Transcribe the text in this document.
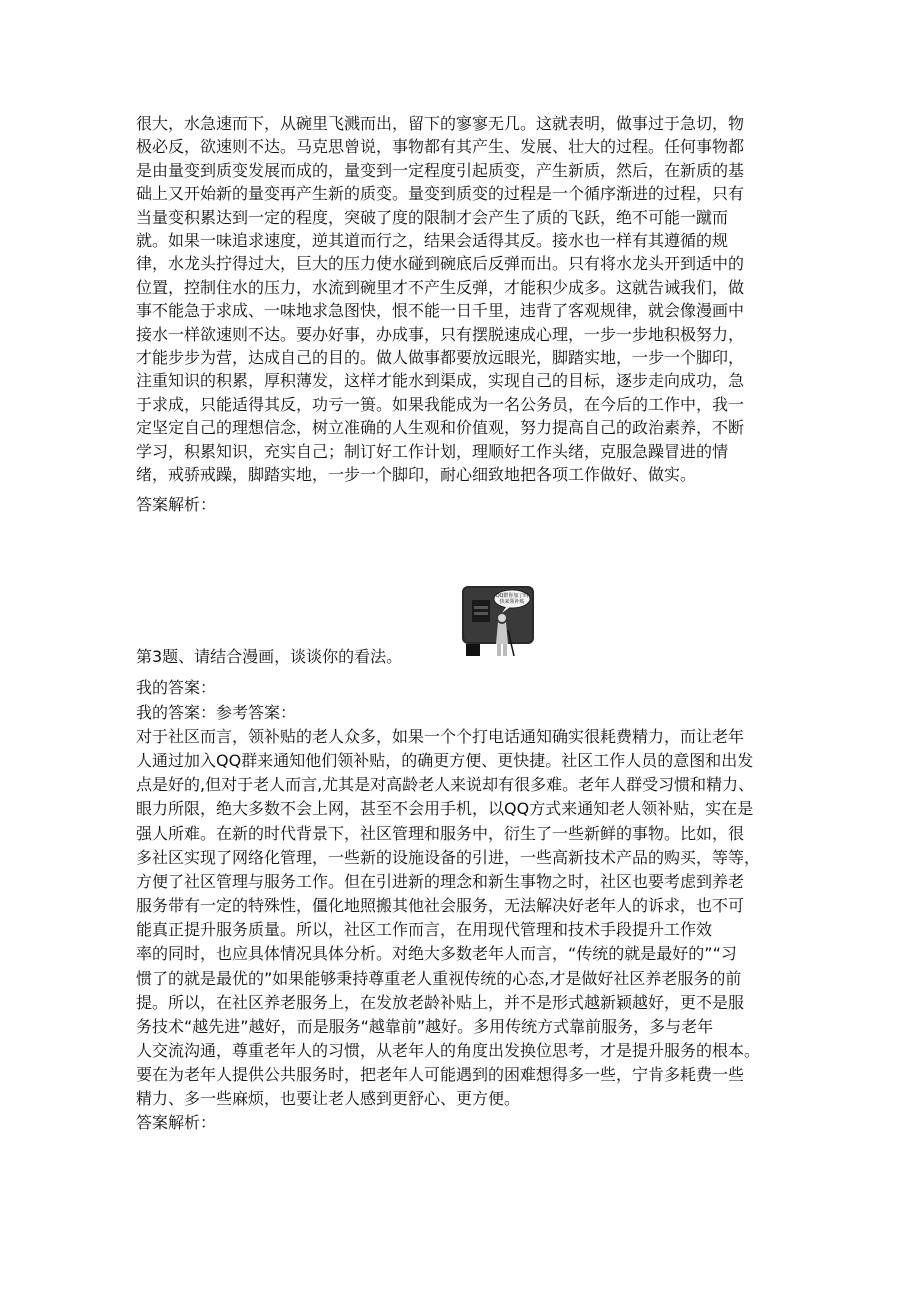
很大，水急速而下，从碗里飞溅而出，留下的寥寥无几。这就表明，做事过于急切，物
极必反，欲速则不达。马克思曾说，事物都有其产生、发展、壮大的过程。任何事物都
是由量变到质变发展而成的，量变到一定程度引起质变，产生新质，然后，在新质的基
础上又开始新的量变再产生新的质变。量变到质变的过程是一个循序渐进的过程，只有
当量变积累达到一定的程度，突破了度的限制才会产生了质的飞跃，绝不可能一蹴而
就。如果一味追求速度，逆其道而行之，结果会适得其反。接水也一样有其遵循的规
律，水龙头拧得过大，巨大的压力使水碰到碗底后反弹而出。只有将水龙头开到适中的
位置，控制住水的压力，水流到碗里才不产生反弹，才能积少成多。这就告诫我们，做
事不能急于求成、一味地求急图快，恨不能一日千里，违背了客观规律，就会像漫画中
接水一样欲速则不达。要办好事，办成事，只有摆脱速成心理，一步一步地积极努力，
才能步步为营，达成自己的目的。做人做事都要放远眼光，脚踏实地，一步一个脚印，
注重知识的积累，厚积薄发，这样才能水到渠成，实现自己的目标，逐步走向成功，急
于求成，只能适得其反，功亏一篑。如果我能成为一名公务员，在今后的工作中，我一
定坚定自己的理想信念，树立准确的人生观和价值观，努力提高自己的政治素养，不断
学习，积累知识，充实自己；制订好工作计划，理顺好工作头绪，克服急躁冒进的情
绪，戒骄戒躁，脚踏实地，一步一个脚印，耐心细致地把各项工作做好、做实。
答案解析：
QQ群你加了吗
快来领补贴
第3题、请结合漫画，谈谈你的看法。
我的答案：
我的答案：参考答案：
对于社区而言，领补贴的老人众多，如果一个个打电话通知确实很耗费精力，而让老年
人通过加入QQ群来通知他们领补贴，的确更方便、更快捷。社区工作人员的意图和出发
点是好的,但对于老人而言,尤其是对高龄老人来说却有很多难。老年人群受习惯和精力、
眼力所限，绝大多数不会上网，甚至不会用手机，以QQ方式来通知老人领补贴，实在是
强人所难。在新的时代背景下，社区管理和服务中，衍生了一些新鲜的事物。比如，很
多社区实现了网络化管理，一些新的设施设备的引进，一些高新技术产品的购买，等等，
方便了社区管理与服务工作。但在引进新的理念和新生事物之时，社区也要考虑到养老
服务带有一定的特殊性，僵化地照搬其他社会服务，无法解决好老年人的诉求，也不可
能真正提升服务质量。所以，社区工作而言，在用现代管理和技术手段提升工作效
率的同时，也应具体情况具体分析。对绝大多数老年人而言，“传统的就是最好的”“习
惯了的就是最优的”如果能够秉持尊重老人重视传统的心态,才是做好社区养老服务的前
提。所以，在社区养老服务上，在发放老龄补贴上，并不是形式越新颖越好，更不是服
务技术“越先进”越好，而是服务“越靠前”越好。多用传统方式靠前服务，多与老年
人交流沟通，尊重老年人的习惯，从老年人的角度出发换位思考，才是提升服务的根本。
要在为老年人提供公共服务时，把老年人可能遇到的困难想得多一些，宁肯多耗费一些
精力、多一些麻烦，也要让老人感到更舒心、更方便。
答案解析：
